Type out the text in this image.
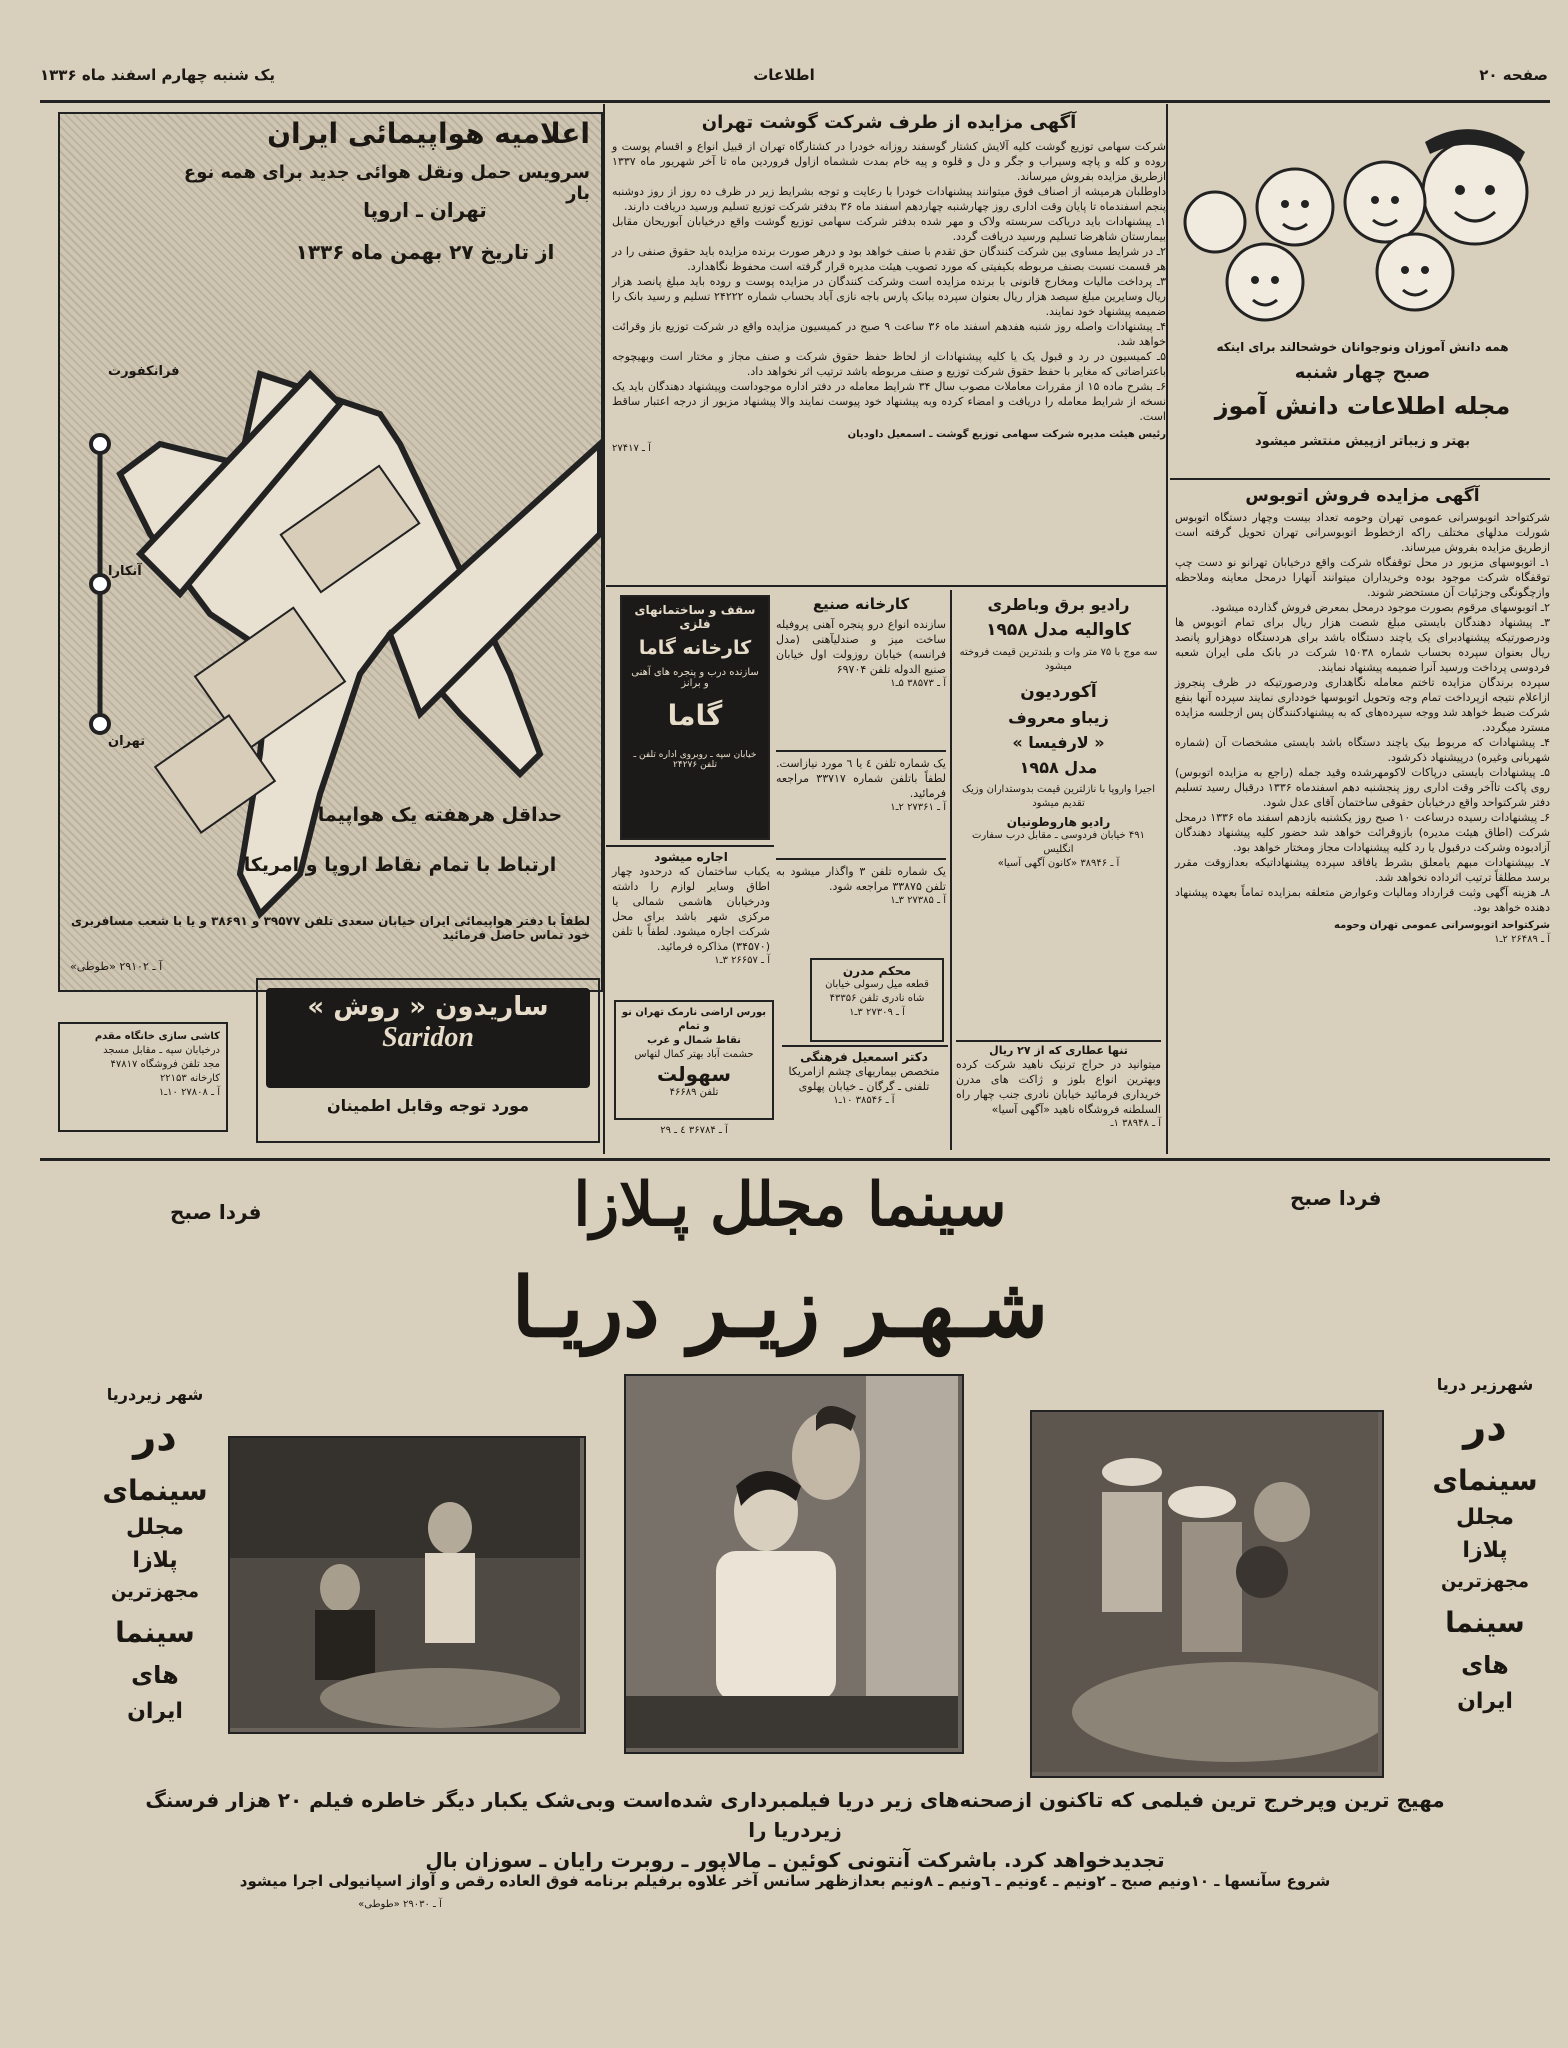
صفحه ۲۰
اطلاعات
یک شنبه چهارم اسفند ماه ۱۳۳۶
اعلامیه هواپیمائی ایران
سرویس حمل ونقل هوائی جدید برای همه نوع بار
تهران ـ اروپا
از تاریخ ۲۷ بهمن ماه ۱۳۳۶
فرانکفورت
آنکارا
تهران
حداقل هرهفته یک هواپیما
ارتباط با تمام نقاط اروپا و امریکا
لطفاً با دفتر هواپیمائی ایران خیابان سعدی تلفن ۳۹۵۷۷ و ۳۸۶۹۱ و یا با شعب مسافربری خود تماس حاصل فرمائید
آ ـ ۲۹۱۰۲ «طوطی»
آگهی مزایده از طرف شرکت گوشت تهران
شرکت سهامی توزیع گوشت کلیه آلایش کشتار گوسفند روزانه خودرا در کشتارگاه تهران از قبیل انواع و اقسام پوست و روده و کله و پاچه وسیراب و جگر و دل و قلوه و پیه خام بمدت ششماه ازاول فروردین ماه تا آخر شهریور ماه ۱۳۳۷ ازطریق مزایده بفروش میرساند.
داوطلبان هرمیشه از اصناف فوق میتوانند پیشنهادات خودرا با رعایت و توجه بشرایط زیر در ظرف ده روز از روز دوشنبه پنجم اسفندماه تا پایان وقت اداری روز چهارشنبه چهاردهم اسفند ماه ۳۶ بدفتر شرکت توزیع تسلیم ورسید دریافت دارند.
۱ـ پیشنهادات باید دریاکت سربسته ولاک و مهر شده بدفتر شرکت سهامی توزیع گوشت واقع درخیابان آبوریحان مقابل بیمارستان شاهرضا تسلیم ورسید دریافت گردد.
۲ـ در شرایط مساوی بین شرکت کنندگان حق تقدم با صنف خواهد بود و درهر صورت برنده مزایده باید حقوق صنفی را در هر قسمت نسبت بصنف مربوطه بکیفیتی که مورد تصویب هیئت مدیره قرار گرفته است محفوظ نگاهدارد.
۳ـ پرداخت مالیات ومخارج قانونی با برنده مزایده است وشرکت کنندگان در مزایده پوست و روده باید مبلغ پانصد هزار ریال وسایرین مبلغ سیصد هزار ریال بعنوان سپرده ببانک پارس باجه نازی آباد بحساب شماره ۲۴۲۲۲ تسلیم و رسید بانک را ضمیمه پیشنهاد خود نمایند.
۴ـ پیشنهادات واصله روز شنبه هفدهم اسفند ماه ۳۶ ساعت ۹ صبح در کمیسیون مزایده واقع در شرکت توزیع باز وقرائت خواهد شد.
۵ـ کمیسیون در رد و قبول یک یا کلیه پیشنهادات از لحاظ حفظ حقوق شرکت و صنف مجاز و مختار است وبهیچوجه باعتراضاتی که مغایر با حفظ حقوق شرکت توزیع و صنف مربوطه باشد ترتیب اثر نخواهد داد.
۶ـ بشرح ماده ۱۵ از مقررات معاملات مصوب سال ۳۴ شرایط معامله در دفتر اداره موجوداست وپیشنهاد دهندگان باید یک نسخه از شرایط معامله را دریافت و امضاء کرده وبه پیشنهاد خود پیوست نمایند والا پیشنهاد مزبور از درجه اعتبار ساقط است.
رئیس هیئت مدیره شرکت سهامی توزیع گوشت ـ اسمعیل داودیان
آ ـ ۲۷۴۱۷
همه دانش آموزان ونوجوانان خوشحالند برای اینکه
صبح چهار شنبه
مجله اطلاعات دانش آموز
بهتر و زیباتر ازپیش منتشر میشود
آگهی مزایده فروش اتوبوس
شرکتواحد اتوبوسرانی عمومی تهران وحومه تعداد بیست وچهار دستگاه اتوبوس شورلت مدلهای مختلف راکه ازخطوط اتوبوسرانی تهران تحویل گرفته است ازطریق مزایده بفروش میرساند.
۱ـ اتوبوسهای مزبور در محل توقفگاه شرکت واقع درخیابان تهرانو نو دست چپ توقفگاه شرکت موجود بوده وخریداران میتوانند آنهارا درمحل معاینه وملاحظه وازچگونگی وجزئیات آن مستحضر شوند.
۲ـ اتوبوسهای مرقوم بصورت موجود درمحل بمعرض فروش گذارده میشود.
۳ـ پیشنهاد دهندگان بایستی مبلغ شصت هزار ریال برای تمام اتوبوس ها ودرصورتیکه پیشنهادبرای یک یاچند دستگاه باشد برای هردستگاه دوهزارو پانصد ریال بعنوان سپرده بحساب شماره ۱۵۰۳۸ شرکت در بانک ملی ایران شعبه فردوسی پرداخت ورسید آنرا ضمیمه پیشنهاد نمایند.
سپرده برندگان مزایده تاختم معامله نگاهداری ودرصورتیکه در ظرف پنجروز ازاعلام نتیجه ازپرداخت تمام وجه وتحویل اتوبوسها خودداری نمایند سپرده آنها بنفع شرکت ضبط خواهد شد ووجه سپرده‌های که به پیشنهادکنندگان پس ازجلسه مزایده مسترد میگردد.
۴ـ پیشنهادات که مربوط بیک یاچند دستگاه باشد بایستی مشخصات آن (شماره شهربانی وغیره) درپیشنهاد ذکرشود.
۵ـ پیشنهادات بایستی درپاکات لاکومهرشده وقید جمله (راجع به مزایده اتوبوس) روی پاکت تاآخر وقت اداری روز پنجشنبه دهم اسفندماه ۱۳۳۶ درقبال رسید تسلیم دفتر شرکتواحد واقع درخیابان حقوقی ساختمان آقای عدل شود.
۶ـ پیشنهادات رسیده درساعت ۱۰ صبح روز یکشنبه بازدهم اسفند ماه ۱۳۳۶ درمحل شرکت (اطاق هیئت مدیره) بازوقرائت خواهد شد حضور کلیه پیشنهاد دهندگان آزادبوده وشرکت درقبول یا رد کلیه پیشنهادات مجاز ومختار خواهد بود.
۷ـ بپیشنهادات مبهم یامعلق بشرط یافاقد سپرده پیشنهاداتیکه بعدازوقت مقرر برسد مطلقاً ترتیب اثرداده نخواهد شد.
۸ـ هزینه آگهی وثبت قرارداد ومالیات وعوارض متعلقه بمزایده تماماً بعهده پیشنهاد دهنده خواهد بود.
شرکتواحد اتوبوسرانی عمومی تهران وحومه
آ ـ ۲۶۴۸۹ ۲ـ۱
سقف و ساختمانهای فلزی
کارخانه گاما
سازنده درب و پنجره های آهنی و برانز
گاما
خیابان سپه ـ روبروی اداره تلفن ـ تلفن ۲۴۲۷۶
کارخانه صنیع
سازنده انواع درو پنجره آهنی پروفیله ساخت میز و صندلیآهنی (مدل فرانسه) خیابان روزولت اول خیابان صنیع الدوله تلفن ۶۹۷۰۴
آ ـ ۳۸۵۷۳ ۵ـ۱
رادیو برق وباطری
کاوالیه مدل ۱۹۵۸
سه موج با ۷۵ متر وات و بلندترین قیمت فروخته میشود
آکوردیون
زیباو معروف
« لارفیسا »
مدل ۱۹۵۸
اجیرا واروپا با نازلترین قیمت بدوستداران وزیک تقدیم میشود
رادیو هاروطونیان
۴۹۱ خیابان فردوسی ـ مقابل درب سفارت انگلیس
آ ـ ۳۸۹۴۶ «کانون آگهی آسیا»
یک شماره تلفن ٤ یا ٦ مورد نیازاست. لطفاً باتلفن شماره ۳۳۷۱۷ مراجعه فرمائید.
آ ـ ۲۷۳۶۱ ۲ـ۱
یک شماره تلفن ۳ واگذار میشود به تلفن ۳۳۸۷۵ مراجعه شود.
آ ـ ۲۷۳۸۵ ۳ـ۱
اجاره میشود
یکباب ساختمان که درحدود چهار اطاق وسایر لوازم را داشته ودرخیابان هاشمی شمالی یا مرکزی شهر باشد برای محل شرکت اجاره میشود. لطفاً با تلفن (۳۴۵۷۰) مذاکره فرمائید.
آ ـ ۲۶۶۵۷ ۳ـ۱
محکم مدرن
قطعه میل رسولی خیابان شاه نادری تلفن ۴۳۳۵۶
آ ـ ۲۷۳۰۹ ۳ـ۱
تنها عطاری که از ۲۷ ریال
میتوانید در حراج ترنیک ناهید شرکت کرده وبهترین انواع بلوز و ژاکت های مدرن خریداری فرمائید خیابان نادری جنب چهار راه السلطنه فروشگاه ناهید «آگهی آسیا»
آ ـ ۳۸۹۴۸ ۱ـ
دکتر اسمعیل فرهنگی
متخصص بیماریهای چشم ازامریکا تلفنی ـ گرگان ـ خیابان پهلوی
آ ـ ۳۸۵۴۶ ۱۰ـ۱
بورس اراضی نارمک تهران نو و تمام
نقاط شمال و غرب
حشمت آباد بهتر کمال لنهاس
سهولت
تلفن ۴۶۶۸۹
آ ـ ۳۶۷۸۴ ٤ ـ ۲۹
ساریدون « روش »
Saridon
مورد توجه وقابل اطمینان
کاشی سازی خانگاه مقدم
درخیابان سپه ـ مقابل مسجد
مجد تلفن فروشگاه ۴۷۸۱۷
کارخانه ۲۲۱۵۳
آ ـ ۲۷۸۰۸ ۱۰ـ۱
فردا صبح
فردا صبح	سینما مجلل پـلازا
شـهـر زیـر دریـا
شهر زیردریا
در
سینمای
مجلل
پلازا
مجهزترین
سینما
های
ایران
شهرزیر دریا
در
سینمای
مجلل
پلازا
مجهزترین
سینما
های
ایران
مهیج ترین وپرخرج ترین فیلمی که تاکنون ازصحنه‌های زیر دریا فیلمبرداری شده‌است وبی‌شک یکبار دیگر خاطره فیلم ۲۰ هزار فرسنگ زیردریا را
تجدیدخواهد کرد. باشرکت آنتونی کوئین ـ مالاپور ـ روبرت رایان ـ سوزان بال
شروع سآنسها ـ ۱۰ونیم صبح ـ ۲ونیم ـ ٤ونیم ـ ٦ونیم ـ ۸ونیم بعدازظهر سانس آخر علاوه برفیلم برنامه فوق العاده رقص و آواز اسپانیولی اجرا میشود
آ ـ ۲۹۰۳۰ «طوطی»
